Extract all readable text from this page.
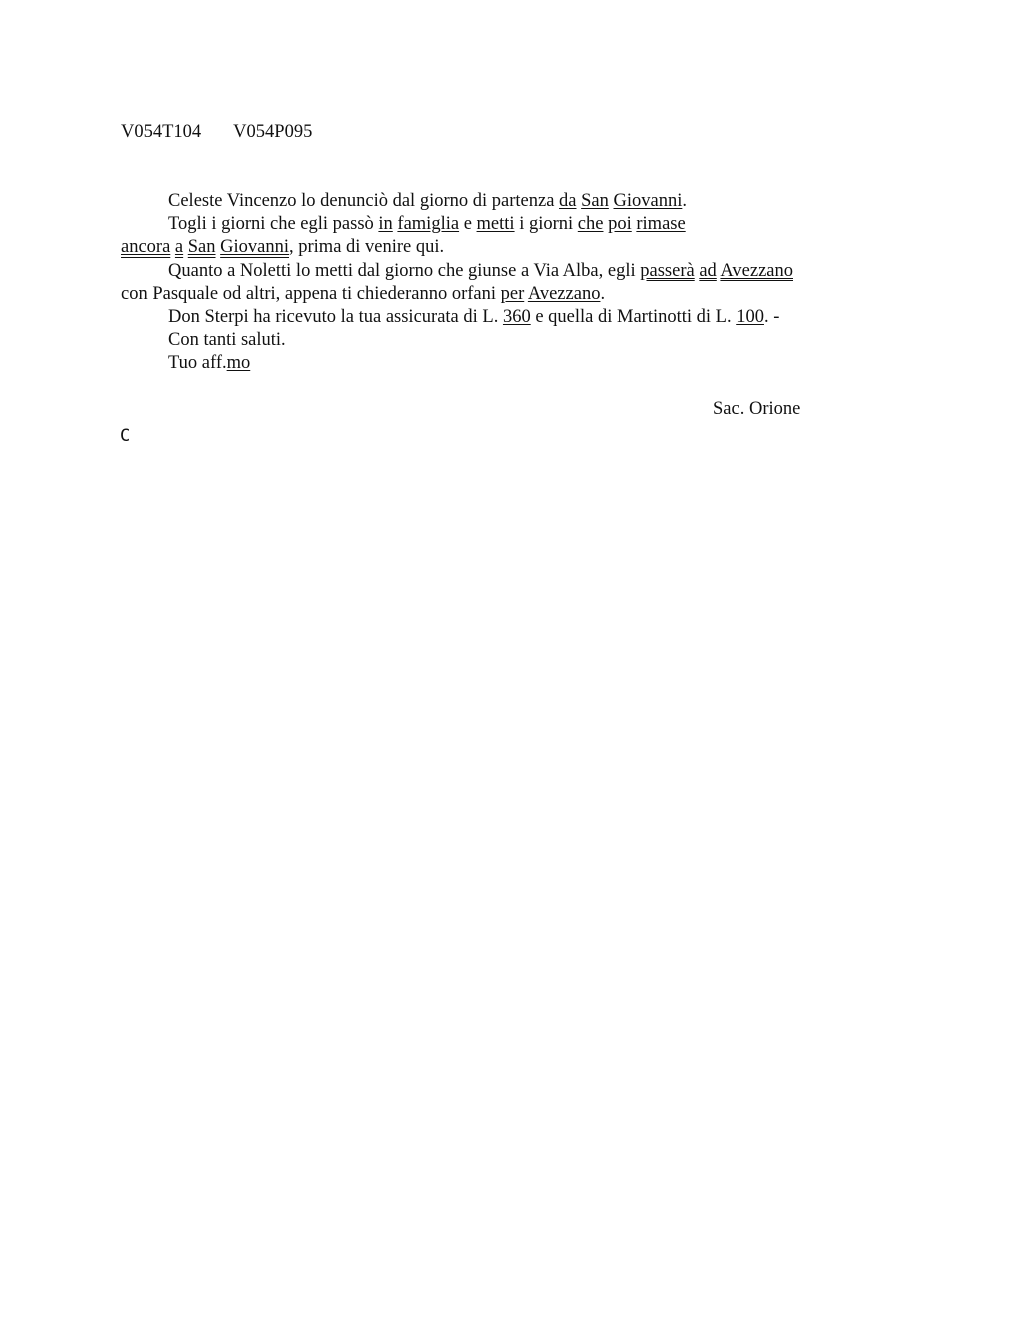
V054T104 V054P095
Celeste Vincenzo lo denunciò dal giorno di partenza da San Giovanni.
Togli i giorni che egli passò in famiglia e metti i giorni che poi rimase
ancora a San Giovanni, prima di venire qui.
Quanto a Noletti lo metti dal giorno che giunse a Via Alba, egli passerà ad Avezzano
con Pasquale od altri, appena ti chiederanno orfani per Avezzano.
Don Sterpi ha ricevuto la tua assicurata di L. 360 e quella di Martinotti di L. 100. -
Con tanti saluti.
Tuo aff.mo
Sac. Orione
C
